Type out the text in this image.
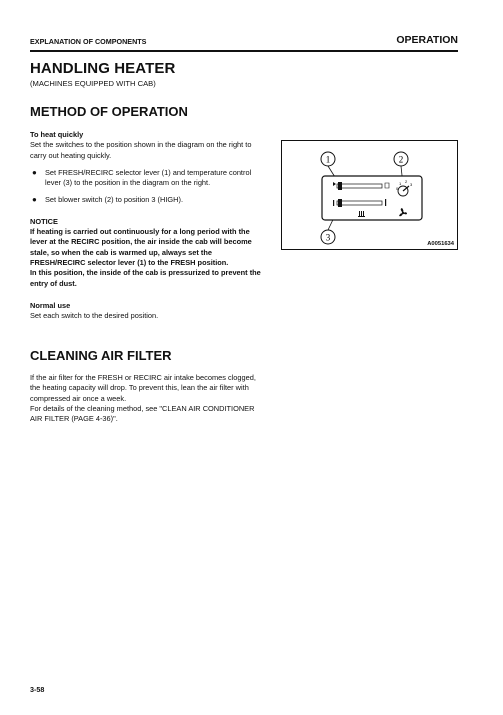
EXPLANATION OF COMPONENTS	OPERATION
HANDLING HEATER
(MACHINES EQUIPPED WITH CAB)
METHOD OF OPERATION

To heat quickly

Set the switches to the position shown in the diagram on the right to carry out heating quickly.

● Set FRESH/RECIRC selector lever (1) and temperature control lever (3) to the position in the diagram on the right.
● Set blower switch (2) to position 3 (HIGH).

NOTICE

If heating is carried out continuously for a long period with the lever at the RECIRC position, the air inside the cab will become stale, so when the cab is warmed up, always set the FRESH/RECIRC selector lever (1) to the FRESH position.

In this position, the inside of the cab is pressurized to prevent the entry of dust.

Normal use

Set each switch to the desired position.

CLEANING AIR FILTER

If the air filter for the FRESH or RECIRC air intake becomes clogged, the heating capacity will drop. To prevent this, lean the air filter with compressed air once a week.

For details of the cleaning method, see "CLEAN AIR CONDITIONER AIR FILTER (PAGE 4-36)".

1	2
3
0
1 2
3
A0051634
3-58
